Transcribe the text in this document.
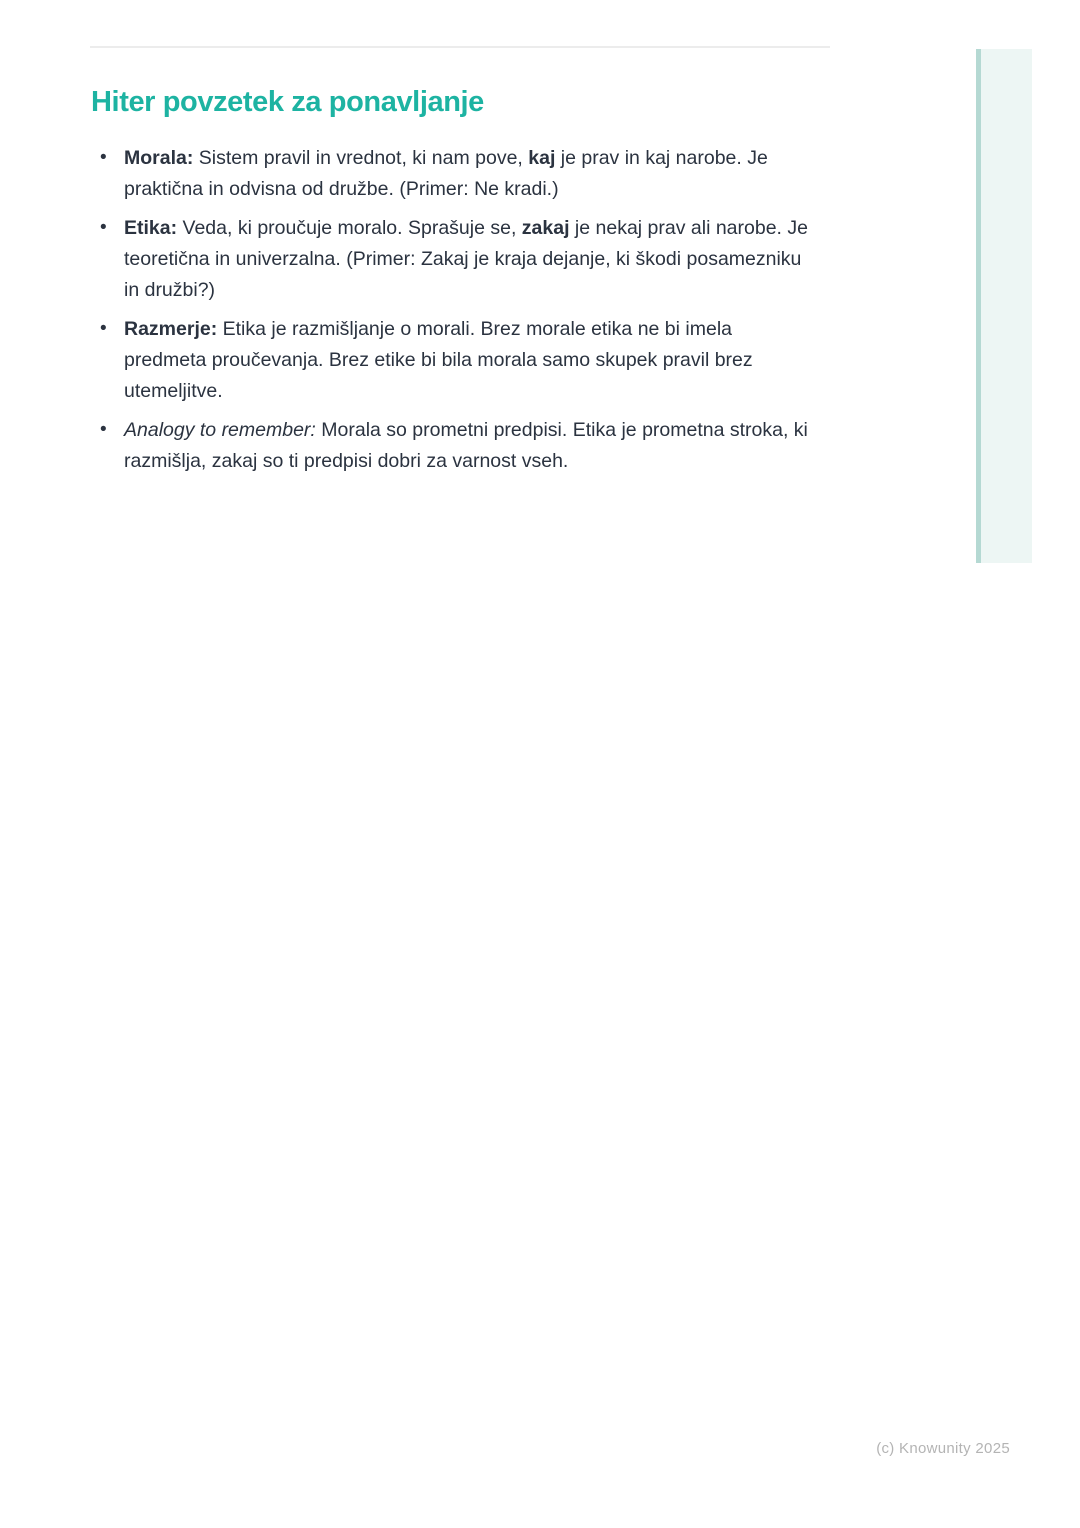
Hiter povzetek za ponavljanje
• Morala: Sistem pravil in vrednot, ki nam pove, kaj je prav in kaj narobe. Je praktična in odvisna od družbe. (Primer: Ne kradi.)
• Etika: Veda, ki proučuje moralo. Sprašuje se, zakaj je nekaj prav ali narobe. Je teoretična in univerzalna. (Primer: Zakaj je kraja dejanje, ki škodi posamezniku in družbi?)
• Razmerje: Etika je razmišljanje o morali. Brez morale etika ne bi imela predmeta proučevanja. Brez etike bi bila morala samo skupek pravil brez utemeljitve.
• Analogy to remember: Morala so prometni predpisi. Etika je prometna stroka, ki razmišlja, zakaj so ti predpisi dobri za varnost vseh.
(c) Knowunity 2025
